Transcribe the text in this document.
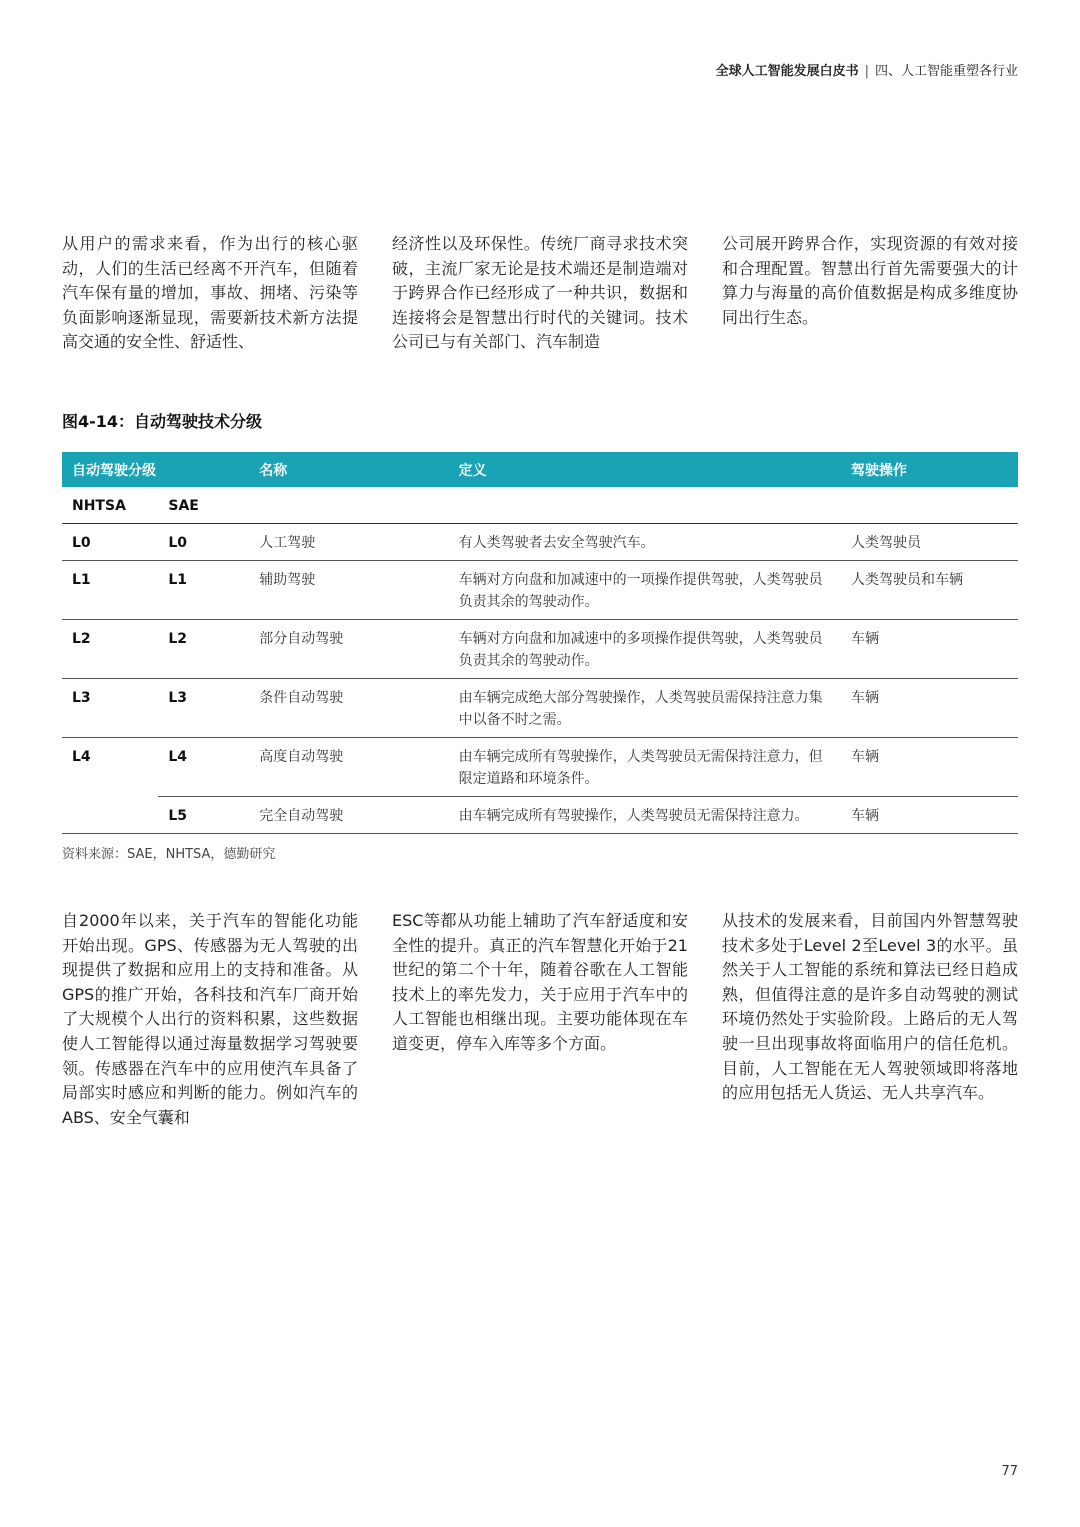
全球人工智能发展白皮书 | 四、人工智能重塑各行业
从用户的需求来看，作为出行的核心驱动，人们的生活已经离不开汽车，但随着汽车保有量的增加，事故、拥堵、污染等负面影响逐渐显现，需要新技术新方法提高交通的安全性、舒适性、
经济性以及环保性。传统厂商寻求技术突破，主流厂家无论是技术端还是制造端对于跨界合作已经形成了一种共识，数据和连接将会是智慧出行时代的关键词。技术公司已与有关部门、汽车制造
公司展开跨界合作，实现资源的有效对接和合理配置。智慧出行首先需要强大的计算力与海量的高价值数据是构成多维度协同出行生态。
图4-14：自动驾驶技术分级
自动驾驶分级		名称	定义	驾驶操作
NHTSA	SAE			
L0	L0	人工驾驶	有人类驾驶者去安全驾驶汽车。	人类驾驶员
L1	L1	辅助驾驶	车辆对方向盘和加减速中的一项操作提供驾驶，人类驾驶员负责其余的驾驶动作。	人类驾驶员和车辆
L2	L2	部分自动驾驶	车辆对方向盘和加减速中的多项操作提供驾驶，人类驾驶员负责其余的驾驶动作。	车辆
L3	L3	条件自动驾驶	由车辆完成绝大部分驾驶操作，人类驾驶员需保持注意力集中以备不时之需。	车辆
L4	L4	高度自动驾驶	由车辆完成所有驾驶操作，人类驾驶员无需保持注意力，但限定道路和环境条件。	车辆
	L5	完全自动驾驶	由车辆完成所有驾驶操作，人类驾驶员无需保持注意力。	车辆
资料来源：SAE，NHTSA，德勤研究
自2000年以来，关于汽车的智能化功能开始出现。GPS、传感器为无人驾驶的出现提供了数据和应用上的支持和准备。从GPS的推广开始，各科技和汽车厂商开始了大规模个人出行的资料积累，这些数据使人工智能得以通过海量数据学习驾驶要领。传感器在汽车中的应用使汽车具备了局部实时感应和判断的能力。例如汽车的ABS、安全气囊和
ESC等都从功能上辅助了汽车舒适度和安全性的提升。真正的汽车智慧化开始于21世纪的第二个十年，随着谷歌在人工智能技术上的率先发力，关于应用于汽车中的人工智能也相继出现。主要功能体现在车道变更，停车入库等多个方面。
从技术的发展来看，目前国内外智慧驾驶技术多处于Level 2至Level 3的水平。虽然关于人工智能的系统和算法已经日趋成熟，但值得注意的是许多自动驾驶的测试环境仍然处于实验阶段。上路后的无人驾驶一旦出现事故将面临用户的信任危机。目前，人工智能在无人驾驶领域即将落地的应用包括无人货运、无人共享汽车。
77
